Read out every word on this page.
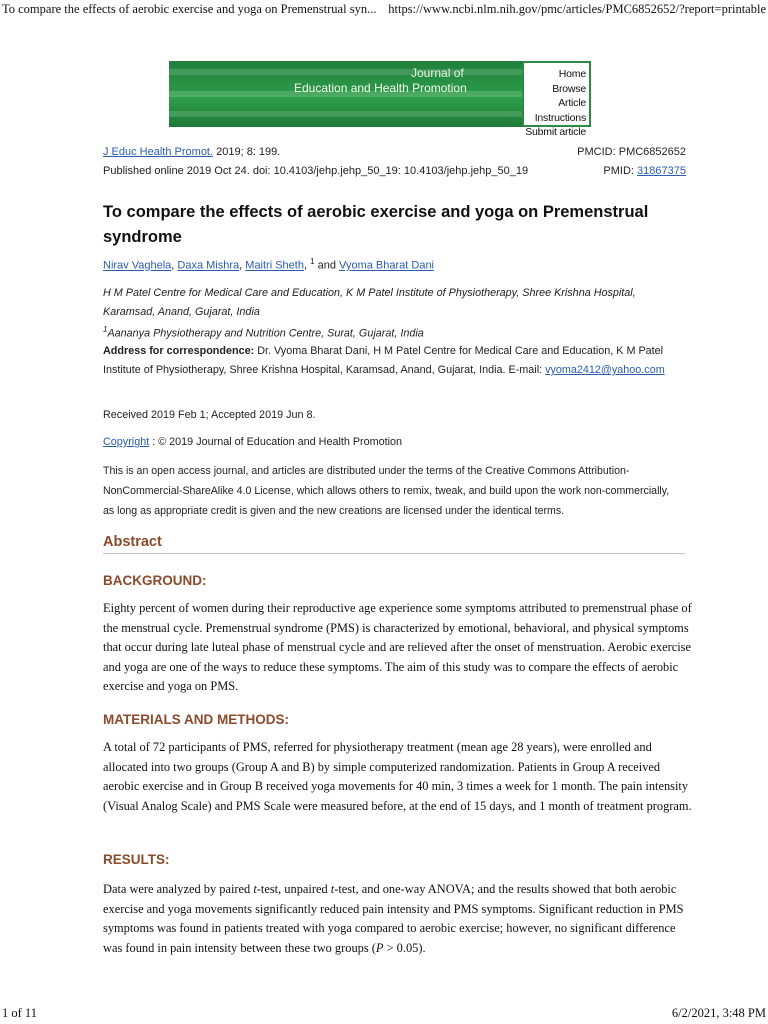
To compare the effects of aerobic exercise and yoga on Premenstrual syn... https://www.ncbi.nlm.nih.gov/pmc/articles/PMC6852652/?report=printable
Journal of
Education and Health Promotion
Home
Browse Article
Instructions
Submit article
J Educ Health Promot. 2019; 8: 199.	PMCID: PMC6852652
Published online 2019 Oct 24. doi: 10.4103/jehp.jehp_50_19: 10.4103/jehp.jehp_50_19	PMID: 31867375
To compare the effects of aerobic exercise and yoga on Premenstrual syndrome
Nirav Vaghela, Daxa Mishra, Maitri Sheth, $^1$ and Vyoma Bharat Dani
H M Patel Centre for Medical Care and Education, K M Patel Institute of Physiotherapy, Shree Krishna Hospital, Karamsad, Anand, Gujarat, India
$^1$Aananya Physiotherapy and Nutrition Centre, Surat, Gujarat, India
Address for correspondence: Dr. Vyoma Bharat Dani, H M Patel Centre for Medical Care and Education, K M Patel Institute of Physiotherapy, Shree Krishna Hospital, Karamsad, Anand, Gujarat, India. E-mail: vyoma2412@yahoo.com
Received 2019 Feb 1; Accepted 2019 Jun 8.
Copyright : © 2019 Journal of Education and Health Promotion
This is an open access journal, and articles are distributed under the terms of the Creative Commons Attribution-NonCommercial-ShareAlike 4.0 License, which allows others to remix, tweak, and build upon the work non-commercially, as long as appropriate credit is given and the new creations are licensed under the identical terms.
Abstract
BACKGROUND:
Eighty percent of women during their reproductive age experience some symptoms attributed to premenstrual phase of the menstrual cycle. Premenstrual syndrome (PMS) is characterized by emotional, behavioral, and physical symptoms that occur during late luteal phase of menstrual cycle and are relieved after the onset of menstruation. Aerobic exercise and yoga are one of the ways to reduce these symptoms. The aim of this study was to compare the effects of aerobic exercise and yoga on PMS.
MATERIALS AND METHODS:
A total of 72 participants of PMS, referred for physiotherapy treatment (mean age 28 years), were enrolled and allocated into two groups (Group A and B) by simple computerized randomization. Patients in Group A received aerobic exercise and in Group B received yoga movements for 40 min, 3 times a week for 1 month. The pain intensity (Visual Analog Scale) and PMS Scale were measured before, at the end of 15 days, and 1 month of treatment program.
RESULTS:
Data were analyzed by paired t-test, unpaired t-test, and one-way ANOVA; and the results showed that both aerobic exercise and yoga movements significantly reduced pain intensity and PMS symptoms. Significant reduction in PMS symptoms was found in patients treated with yoga compared to aerobic exercise; however, no significant difference was found in pain intensity between these two groups (P > 0.05).
1 of 11	6/2/2021, 3:48 PM
